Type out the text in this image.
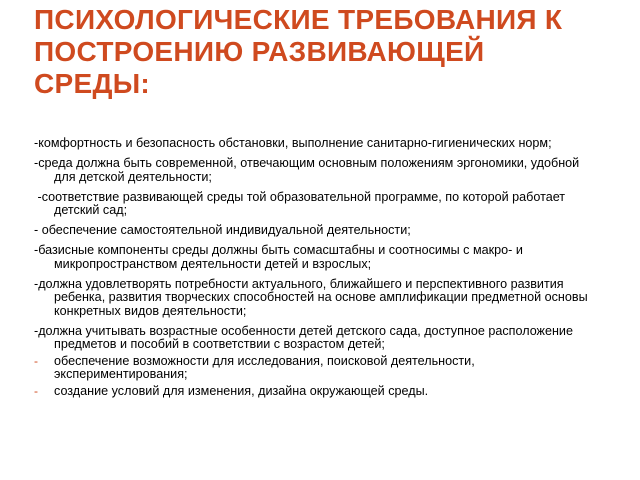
ПСИХОЛОГИЧЕСКИЕ ТРЕБОВАНИЯ К
ПОСТРОЕНИЮ РАЗВИВАЮЩЕЙ
СРЕДЫ:
-комфортность и безопасность обстановки, выполнение санитарно-гигиенических норм;
-среда должна быть современной, отвечающим основным положениям эргономики, удобной для детской деятельности;
-соответствие развивающей среды той образовательной программе, по которой работает детский сад;
- обеспечение самостоятельной индивидуальной деятельности;
-базисные компоненты среды должны быть сомасштабны и соотносимы с макро- и микропространством деятельности детей и взрослых;
-должна удовлетворять потребности актуального, ближайшего и перспективного развития ребенка, развития творческих способностей на основе амплификации предметной основы конкретных видов деятельности;
-должна учитывать возрастные особенности детей детского сада, доступное расположение предметов и пособий в соответствии с возрастом детей;
- обеспечение возможности для исследования, поисковой деятельности, экспериментирования;
- создание условий для изменения, дизайна окружающей среды.
